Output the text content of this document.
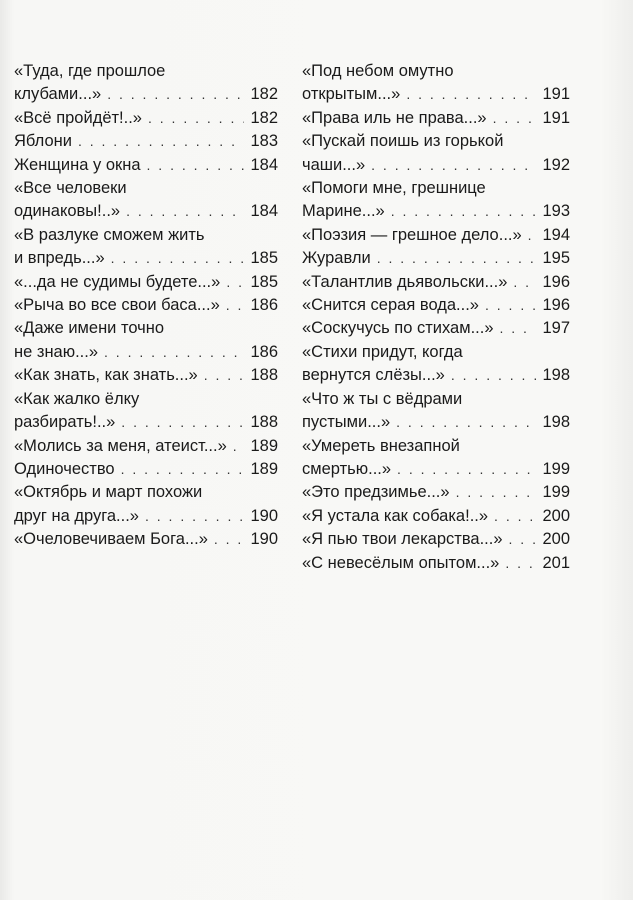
«Туда, где прошлое
клубами...» . . .	182
«Всё пройдёт!..» . . .	182
Яблони . . .	183
Женщина у окна . . .	184
«Все человеки
одинаковы!..» . . .	184
«В разлуке сможем жить
и впредь...» . . .	185
«...да не судимы будете...» . . . 185
«Рыча во все свои баса...» . . . 186
«Даже имени точно
не знаю...» . . .	186
«Как знать, как знать...» . . .	188
«Как жалко ёлку
разбирать!..» . . .	188
«Молись за меня, атеист...» . . . 189
Одиночество . . .	189
«Октябрь и март похожи
друг на друга...» . . .	190
«Очеловечиваем Бога...» . . .	190
«Под небом омутно
открытым...» . . .	191
«Права иль не права...» . . .	191
«Пускай поишь из горькой
чаши...» . . .	192
«Помоги мне, грешнице
Марине...» . . .	193
«Поэзия — грешное дело...» . . . 194
Журавли . . .	195
«Талантлив дьявольски...» . . . 196
«Снится серая вода...» . . .	196
«Соскучусь по стихам...» . . .	197
«Стихи придут, когда
вернутся слёзы...» . . .	198
«Что ж ты с вёдрами
пустыми...» . . .	198
«Умереть внезапной
смертью...» . . .	199
«Это предзимье...» . . .	199
«Я устала как собака!..» . . .	200
«Я пью твои лекарства...» . . . 200
«С невесёлым опытом...» . . .	201
